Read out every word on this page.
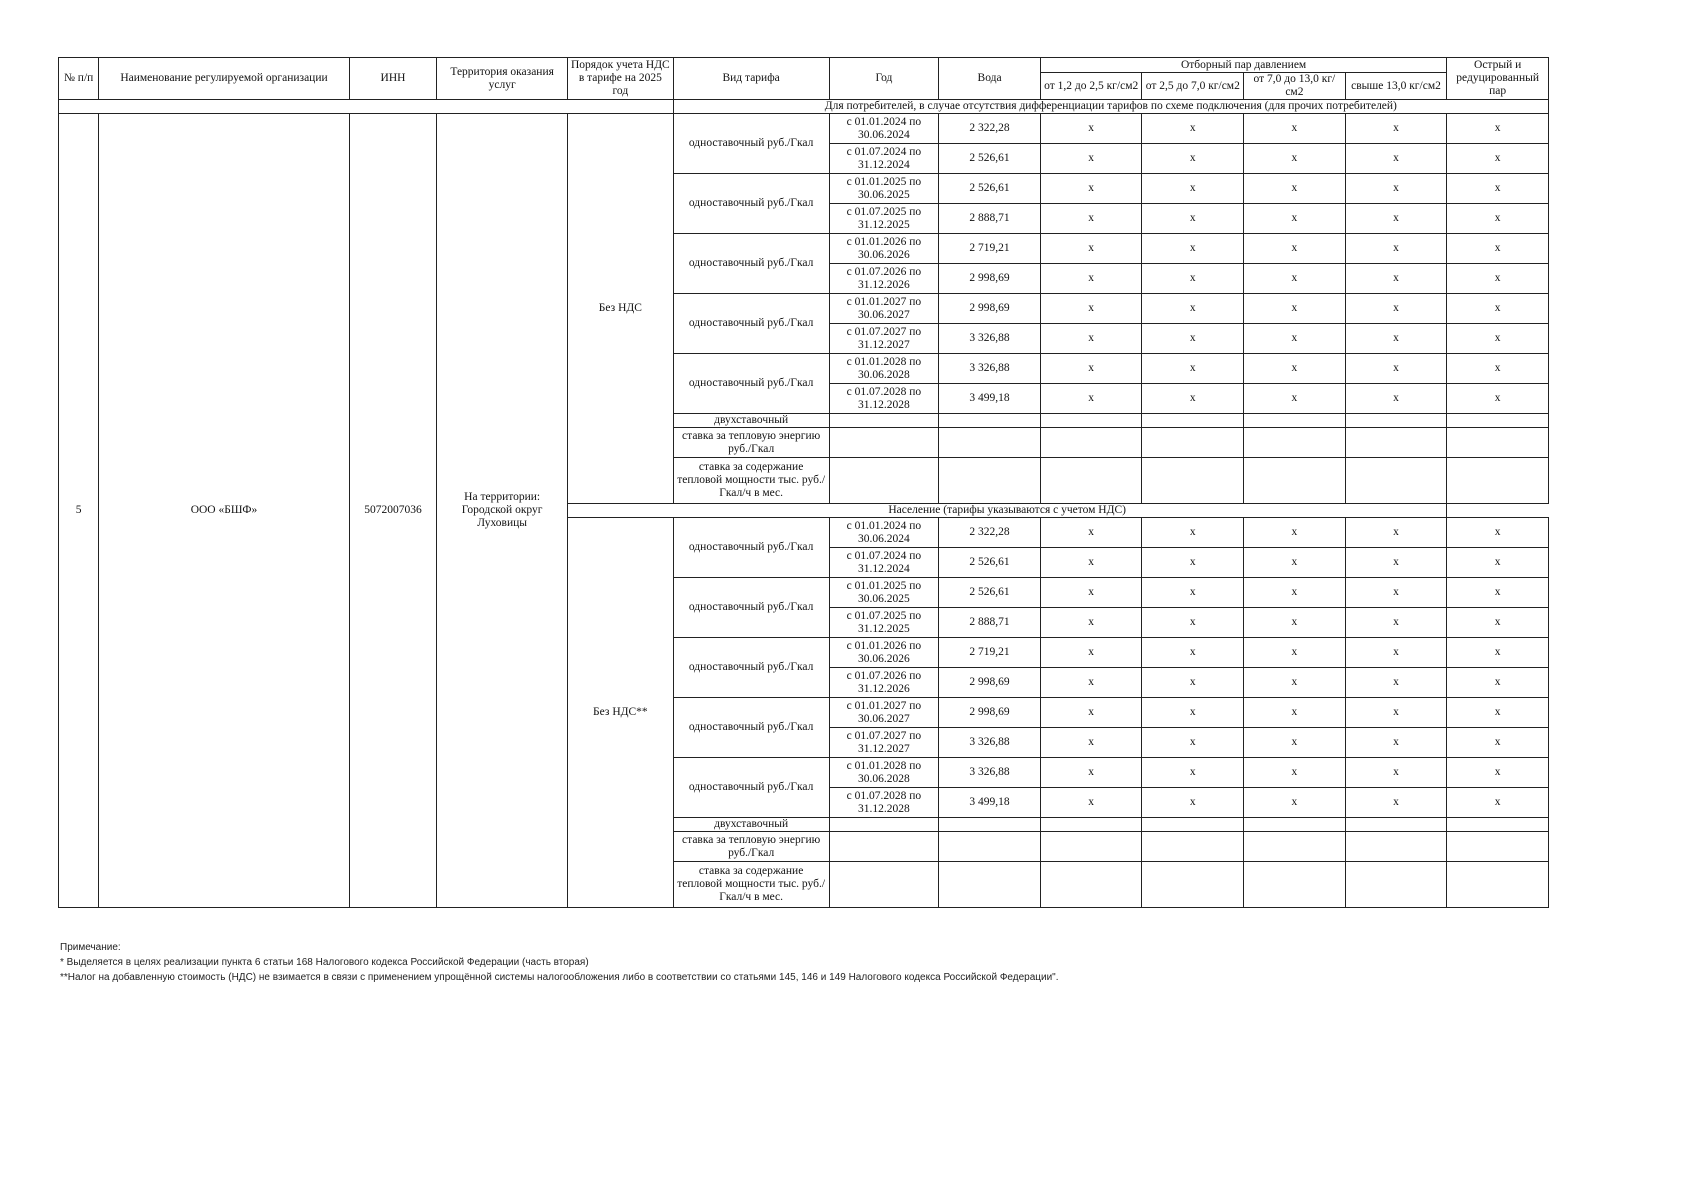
№ п/п	Наименование регулируемой организации	ИНН	Территория оказания услуг	Порядок учета НДС в тарифе на 2025 год	Вид тарифа	Год	Вода	Отборный пар давлением				Острый и редуцированный пар
								от 1,2 до 2,5 кг/см2	от 2,5 до 7,0 кг/см2	от 7,0 до 13,0 кг/см2	свыше 13,0 кг/см2	
					Для потребителей, в случае отсутствия дифференциации тарифов по схеме подключения (для прочих потребителей)							
5	ООО «БШФ»	5072007036	На территории: Городской округ Луховицы	Без НДС	одноставочный руб./Гкал	с 01.01.2024 по 30.06.2024	2 322,28	х	х	х	х	х
						с 01.07.2024 по 31.12.2024	2 526,61	х	х	х	х	х
					одноставочный руб./Гкал	с 01.01.2025 по 30.06.2025	2 526,61	х	х	х	х	х
						с 01.07.2025 по 31.12.2025	2 888,71	х	х	х	х	х
					одноставочный руб./Гкал	с 01.01.2026 по 30.06.2026	2 719,21	х	х	х	х	х
						с 01.07.2026 по 31.12.2026	2 998,69	х	х	х	х	х
					одноставочный руб./Гкал	с 01.01.2027 по 30.06.2027	2 998,69	х	х	х	х	х
						с 01.07.2027 по 31.12.2027	3 326,88	х	х	х	х	х
					одноставочный руб./Гкал	с 01.01.2028 по 30.06.2028	3 326,88	х	х	х	х	х
						с 01.07.2028 по 31.12.2028	3 499,18	х	х	х	х	х
					двухставочный							
					ставка за тепловую энергию руб./Гкал							
					ставка за содержание тепловой мощности тыс. руб./Гкал/ч в мес.							
				Население (тарифы указываются с учетом НДС)								
				Без НДС**	одноставочный руб./Гкал	с 01.01.2024 по 30.06.2024	2 322,28	х	х	х	х	х
						с 01.07.2024 по 31.12.2024	2 526,61	х	х	х	х	х
					одноставочный руб./Гкал	с 01.01.2025 по 30.06.2025	2 526,61	х	х	х	х	х
						с 01.07.2025 по 31.12.2025	2 888,71	х	х	х	х	х
					одноставочный руб./Гкал	с 01.01.2026 по 30.06.2026	2 719,21	х	х	х	х	х
						с 01.07.2026 по 31.12.2026	2 998,69	х	х	х	х	х
					одноставочный руб./Гкал	с 01.01.2027 по 30.06.2027	2 998,69	х	х	х	х	х
						с 01.07.2027 по 31.12.2027	3 326,88	х	х	х	х	х
					одноставочный руб./Гкал	с 01.01.2028 по 30.06.2028	3 326,88	х	х	х	х	х
						с 01.07.2028 по 31.12.2028	3 499,18	х	х	х	х	х
					двухставочный							
					ставка за тепловую энергию руб./Гкал							
					ставка за содержание тепловой мощности тыс. руб./Гкал/ч в мес.							
Примечание:
* Выделяется в целях реализации пункта 6 статьи 168 Налогового кодекса Российской Федерации (часть вторая)
**Налог на добавленную стоимость (НДС) не взимается в связи с применением упрощённой системы налогообложения либо в соответствии со статьями 145, 146 и 149 Налогового кодекса Российской Федерации".
